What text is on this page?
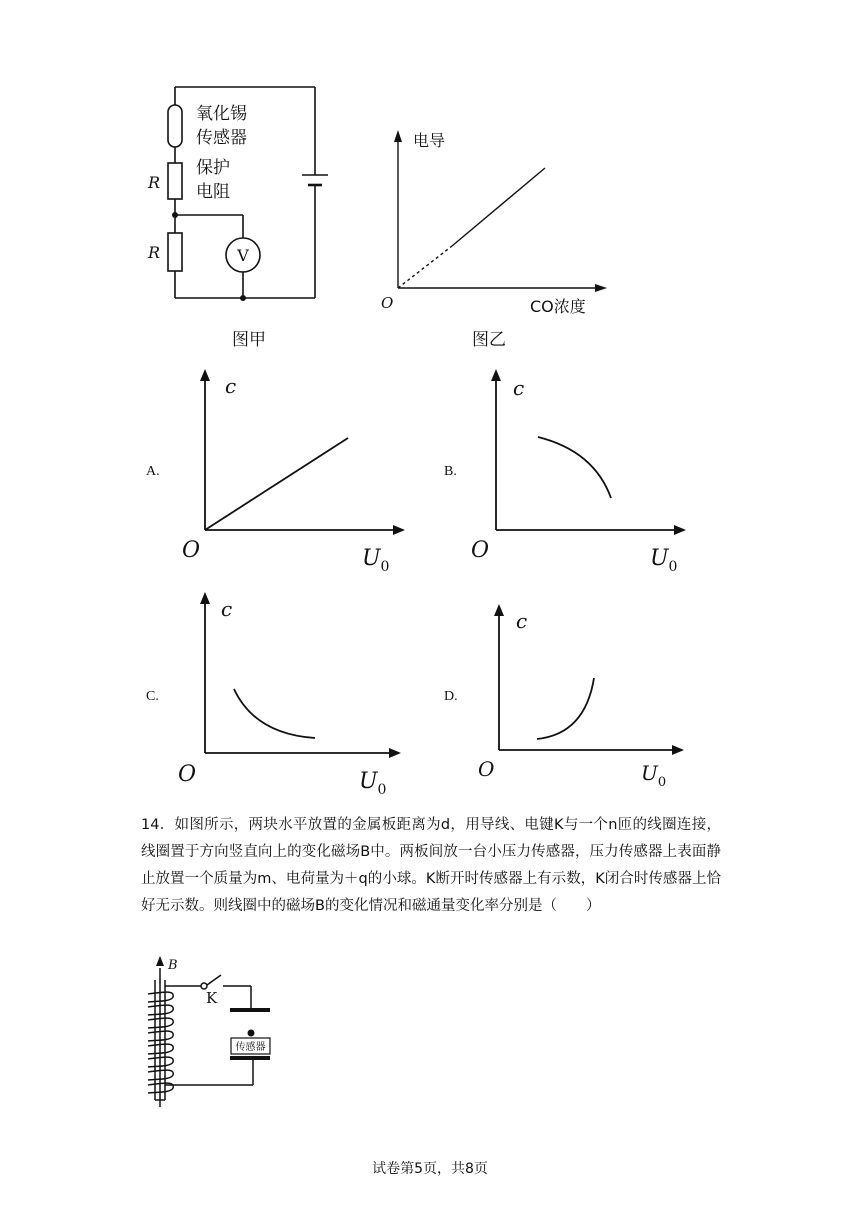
V
氧化锡
传感器
保护
电阻
R
R
图甲
电导
O	CO浓度
图乙
A.
c
O	$U_0$
B.
c
O	$U_0$
C.
c
O	$U_0$
D.
c
O	$U_0$
14．如图所示，两块水平放置的金属板距离为d，用导线、电键K与一个n匝的线圈连接，线圈置于方向竖直向上的变化磁场B中。两板间放一台小压力传感器，压力传感器上表面静止放置一个质量为m、电荷量为＋q的小球。K断开时传感器上有示数，K闭合时传感器上恰好无示数。则线圈中的磁场B的变化情况和磁通量变化率分别是（　　）
传感器
B
K
试卷第5页，共8页
